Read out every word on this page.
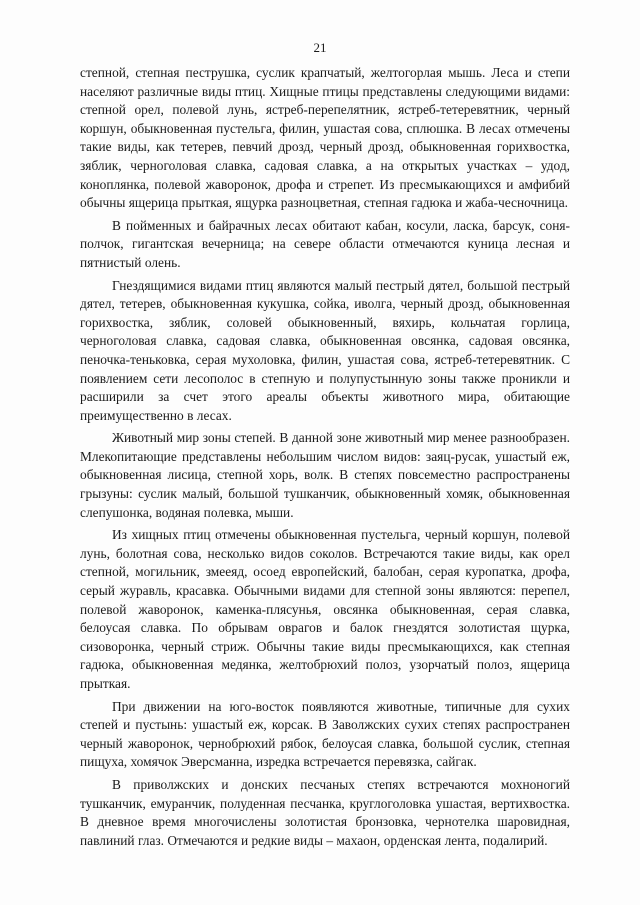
21

степной, степная пеструшка, суслик крапчатый, желтогорлая мышь. Леса и степи населяют различные виды птиц. Хищные птицы представлены следующими видами: степной орел, полевой лунь, ястреб-перепелятник, ястреб-тетеревятник, черный коршун, обыкновенная пустельга, филин, ушастая сова, сплюшка. В лесах отмечены такие виды, как тетерев, певчий дрозд, черный дрозд, обыкновенная горихвостка, зяблик, черноголовая славка, садовая славка, а на открытых участках – удод, коноплянка, полевой жаворонок, дрофа и стрепет. Из пресмыкающихся и амфибий обычны ящерица прыткая, ящурка разноцветная, степная гадюка и жаба-чесночница.

В пойменных и байрачных лесах обитают кабан, косули, ласка, барсук, соня-полчок, гигантская вечерница; на севере области отмечаются куница лесная и пятнистый олень.

Гнездящимися видами птиц являются малый пестрый дятел, большой пестрый дятел, тетерев, обыкновенная кукушка, сойка, иволга, черный дрозд, обыкновенная горихвостка, зяблик, соловей обыкновенный, вяхирь, кольчатая горлица, черноголовая славка, садовая славка, обыкновенная овсянка, садовая овсянка, пеночка-теньковка, серая мухоловка, филин, ушастая сова, ястреб-тетеревятник. С появлением сети лесополос в степную и полупустынную зоны также проникли и расширили за счет этого ареалы объекты животного мира, обитающие преимущественно в лесах.

Животный мир зоны степей. В данной зоне животный мир менее разнообразен. Млекопитающие представлены небольшим числом видов: заяц-русак, ушастый еж, обыкновенная лисица, степной хорь, волк. В степях повсеместно распространены грызуны: суслик малый, большой тушканчик, обыкновенный хомяк, обыкновенная слепушонка, водяная полевка, мыши.

Из хищных птиц отмечены обыкновенная пустельга, черный коршун, полевой лунь, болотная сова, несколько видов соколов. Встречаются такие виды, как орел степной, могильник, змееяд, осоед европейский, балобан, серая куропатка, дрофа, серый журавль, красавка. Обычными видами для степной зоны являются: перепел, полевой жаворонок, каменка-плясунья, овсянка обыкновенная, серая славка, белоусая славка. По обрывам оврагов и балок гнездятся золотистая щурка, сизоворонка, черный стриж. Обычны такие виды пресмыкающихся, как степная гадюка, обыкновенная медянка, желтобрюхий полоз, узорчатый полоз, ящерица прыткая.

При движении на юго-восток появляются животные, типичные для сухих степей и пустынь: ушастый еж, корсак. В Заволжских сухих степях распространен черный жаворонок, чернобрюхий рябок, белоусая славка, большой суслик, степная пищуха, хомячок Эверсманна, изредка встречается перевязка, сайгак.

В приволжских и донских песчаных степях встречаются мохноногий тушканчик, емуранчик, полуденная песчанка, круглоголовка ушастая, вертихвостка. В дневное время многочислены золотистая бронзовка, чернотелка шаровидная, павлиний глаз. Отмечаются и редкие виды – махаон, орденская лента, подалирий.
